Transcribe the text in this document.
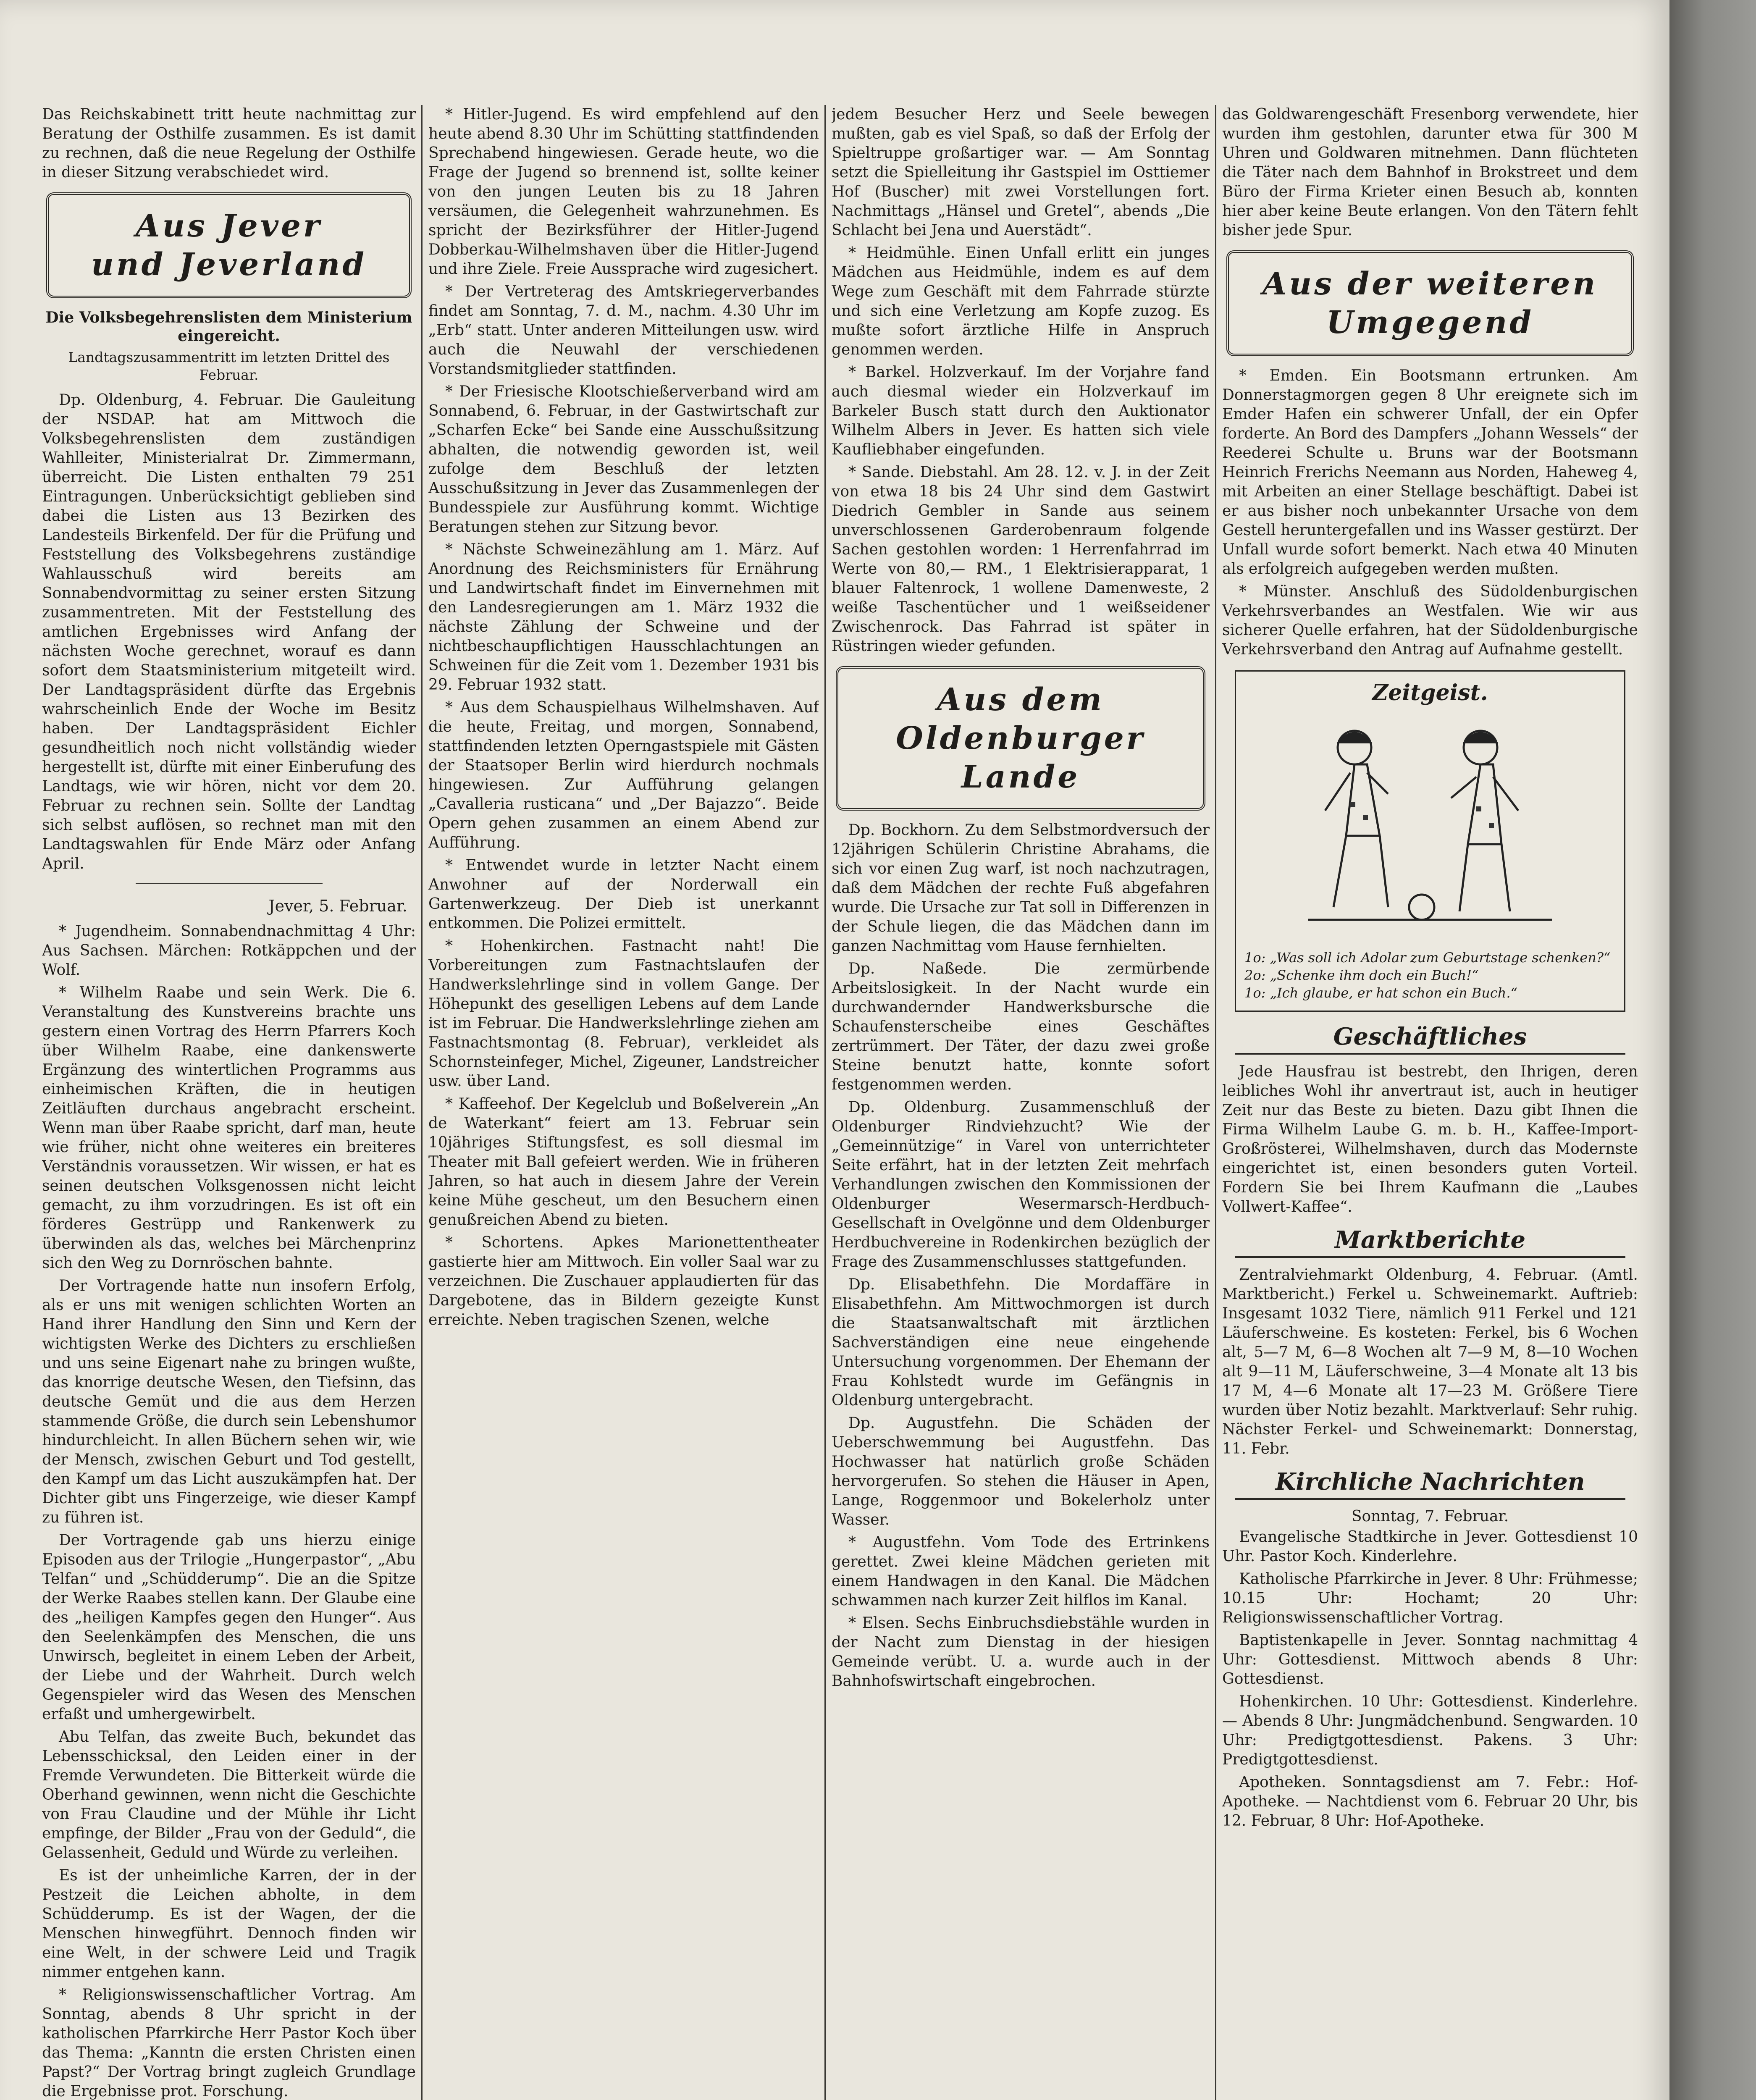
Das Reichskabinett tritt heute nachmittag zur Beratung der Osthilfe zusammen. Es ist damit zu rechnen, daß die neue Regelung der Osthilfe in dieser Sitzung verabschiedet wird.

Aus Jever
und Jeverland
Die Volksbegehrenslisten dem Ministerium eingereicht.
Landtagszusammentritt im letzten Drittel des Februar.

Dp. Oldenburg, 4. Februar. Die Gauleitung der NSDAP. hat am Mittwoch die Volksbegehrenslisten dem zuständigen Wahlleiter, Ministerialrat Dr. Zimmermann, überreicht. Die Listen enthalten 79 251 Eintragungen. Unberücksichtigt geblieben sind dabei die Listen aus 13 Bezirken des Landesteils Birkenfeld. Der für die Prüfung und Feststellung des Volksbegehrens zuständige Wahlausschuß wird bereits am Sonnabendvormittag zu seiner ersten Sitzung zusammentreten. Mit der Feststellung des amtlichen Ergebnisses wird Anfang der nächsten Woche gerechnet, worauf es dann sofort dem Staatsministerium mitgeteilt wird. Der Landtagspräsident dürfte das Ergebnis wahrscheinlich Ende der Woche im Besitz haben. Der Landtagspräsident Eichler gesundheitlich noch nicht vollständig wieder hergestellt ist, dürfte mit einer Einberufung des Landtags, wie wir hören, nicht vor dem 20. Februar zu rechnen sein. Sollte der Landtag sich selbst auflösen, so rechnet man mit den Landtagswahlen für Ende März oder Anfang April.

Jever, 5. Februar.

* Jugendheim. Sonnabendnachmittag 4 Uhr: Aus Sachsen. Märchen: Rotkäppchen und der Wolf.

* Wilhelm Raabe und sein Werk. Die 6. Veranstaltung des Kunstvereins brachte uns gestern einen Vortrag des Herrn Pfarrers Koch über Wilhelm Raabe, eine dankenswerte Ergänzung des wintertlichen Programms aus einheimischen Kräften, die in heutigen Zeitläuften durchaus angebracht erscheint. Wenn man über Raabe spricht, darf man, heute wie früher, nicht ohne weiteres ein breiteres Verständnis voraussetzen. Wir wissen, er hat es seinen deutschen Volksgenossen nicht leicht gemacht, zu ihm vorzudringen. Es ist oft ein förderes Gestrüpp und Rankenwerk zu überwinden als das, welches bei Märchenprinz sich den Weg zu Dornröschen bahnte.

Der Vortragende hatte nun insofern Erfolg, als er uns mit wenigen schlichten Worten an Hand ihrer Handlung den Sinn und Kern der wichtigsten Werke des Dichters zu erschließen und uns seine Eigenart nahe zu bringen wußte, das knorrige deutsche Wesen, den Tiefsinn, das deutsche Gemüt und die aus dem Herzen stammende Größe, die durch sein Lebenshumor hindurchleicht. In allen Büchern sehen wir, wie der Mensch, zwischen Geburt und Tod gestellt, den Kampf um das Licht auszukämpfen hat. Der Dichter gibt uns Fingerzeige, wie dieser Kampf zu führen ist.

Der Vortragende gab uns hierzu einige Episoden aus der Trilogie „Hungerpastor“, „Abu Telfan“ und „Schüdderump“. Die an die Spitze der Werke Raabes stellen kann. Der Glaube eine des „heiligen Kampfes gegen den Hunger“. Aus den Seelenkämpfen des Menschen, die uns Unwirsch, begleitet in einem Leben der Arbeit, der Liebe und der Wahrheit. Durch welch Gegenspieler wird das Wesen des Menschen erfaßt und umhergewirbelt.

Abu Telfan, das zweite Buch, bekundet das Lebensschicksal, den Leiden einer in der Fremde Verwundeten. Die Bitterkeit würde die Oberhand gewinnen, wenn nicht die Geschichte von Frau Claudine und der Mühle ihr Licht empfinge, der Bilder „Frau von der Geduld“, die Gelassenheit, Geduld und Würde zu verleihen.

Es ist der unheimliche Karren, der in der Pestzeit die Leichen abholte, in dem Schüdderump. Es ist der Wagen, der die Menschen hinwegführt. Dennoch finden wir eine Welt, in der schwere Leid und Tragik nimmer entgehen kann.

* Religionswissenschaftlicher Vortrag. Am Sonntag, abends 8 Uhr spricht in der katholischen Pfarrkirche Herr Pastor Koch über das Thema: „Kanntn die ersten Christen einen Papst?“ Der Vortrag bringt zugleich Grundlage die Ergebnisse prot. Forschung.

* Hitler-Jugend. Es wird empfehlend auf den heute abend 8.30 Uhr im Schütting stattfindenden Sprechabend hingewiesen. Gerade heute, wo die Frage der Jugend so brennend ist, sollte keiner von den jungen Leuten bis zu 18 Jahren versäumen, die Gelegenheit wahrzunehmen. Es spricht der Bezirksführer der Hitler-Jugend Dobberkau-Wilhelmshaven über die Hitler-Jugend und ihre Ziele. Freie Aussprache wird zugesichert.

* Der Vertreterag des Amtskriegerverbandes findet am Sonntag, 7. d. M., nachm. 4.30 Uhr im „Erb“ statt. Unter anderen Mitteilungen usw. wird auch die Neuwahl der verschiedenen Vorstandsmitglieder stattfinden.

* Der Friesische Klootschießerverband wird am Sonnabend, 6. Februar, in der Gastwirtschaft zur „Scharfen Ecke“ bei Sande eine Ausschußsitzung abhalten, die notwendig geworden ist, weil zufolge dem Beschluß der letzten Ausschußsitzung in Jever das Zusammenlegen der Bundesspiele zur Ausführung kommt. Wichtige Beratungen stehen zur Sitzung bevor.

* Nächste Schweinezählung am 1. März. Auf Anordnung des Reichsministers für Ernährung und Landwirtschaft findet im Einvernehmen mit den Landesregierungen am 1. März 1932 die nächste Zählung der Schweine und der nichtbeschaupflichtigen Hausschlachtungen an Schweinen für die Zeit vom 1. Dezember 1931 bis 29. Februar 1932 statt.

* Aus dem Schauspielhaus Wilhelmshaven. Auf die heute, Freitag, und morgen, Sonnabend, stattfindenden letzten Operngastspiele mit Gästen der Staatsoper Berlin wird hierdurch nochmals hingewiesen. Zur Aufführung gelangen „Cavalleria rusticana“ und „Der Bajazzo“. Beide Opern gehen zusammen an einem Abend zur Aufführung.

* Entwendet wurde in letzter Nacht einem Anwohner auf der Norderwall ein Gartenwerkzeug. Der Dieb ist unerkannt entkommen. Die Polizei ermittelt.

* Hohenkirchen. Fastnacht naht! Die Vorbereitungen zum Fastnachtslaufen der Handwerkslehrlinge sind in vollem Gange. Der Höhepunkt des geselligen Lebens auf dem Lande ist im Februar. Die Handwerkslehrlinge ziehen am Fastnachtsmontag (8. Februar), verkleidet als Schornsteinfeger, Michel, Zigeuner, Landstreicher usw. über Land.

* Kaffeehof. Der Kegelclub und Boßelverein „An de Waterkant“ feiert am 13. Februar sein 10jähriges Stiftungsfest, es soll diesmal im Theater mit Ball gefeiert werden. Wie in früheren Jahren, so hat auch in diesem Jahre der Verein keine Mühe gescheut, um den Besuchern einen genußreichen Abend zu bieten.

* Schortens. Apkes Marionettentheater gastierte hier am Mittwoch. Ein voller Saal war zu verzeichnen. Die Zuschauer applaudierten für das Dargebotene, das in Bildern gezeigte Kunst erreichte. Neben tragischen Szenen, welche

jedem Besucher Herz und Seele bewegen mußten, gab es viel Spaß, so daß der Erfolg der Spieltruppe großartiger war. — Am Sonntag setzt die Spielleitung ihr Gastspiel im Osttiemer Hof (Buscher) mit zwei Vorstellungen fort. Nachmittags „Hänsel und Gretel“, abends „Die Schlacht bei Jena und Auerstädt“.

* Heidmühle. Einen Unfall erlitt ein junges Mädchen aus Heidmühle, indem es auf dem Wege zum Geschäft mit dem Fahrrade stürzte und sich eine Verletzung am Kopfe zuzog. Es mußte sofort ärztliche Hilfe in Anspruch genommen werden.

* Barkel. Holzverkauf. Im der Vorjahre fand auch diesmal wieder ein Holzverkauf im Barkeler Busch statt durch den Auktionator Wilhelm Albers in Jever. Es hatten sich viele Kaufliebhaber eingefunden.

* Sande. Diebstahl. Am 28. 12. v. J. in der Zeit von etwa 18 bis 24 Uhr sind dem Gastwirt Diedrich Gembler in Sande aus seinem unverschlossenen Garderobenraum folgende Sachen gestohlen worden: 1 Herrenfahrrad im Werte von 80,— RM., 1 Elektrisierapparat, 1 blauer Faltenrock, 1 wollene Damenweste, 2 weiße Taschentücher und 1 weißseidener Zwischenrock. Das Fahrrad ist später in Rüstringen wieder gefunden.

Aus dem Oldenburger
Lande

Dp. Bockhorn. Zu dem Selbstmordversuch der 12jährigen Schülerin Christine Abrahams, die sich vor einen Zug warf, ist noch nachzutragen, daß dem Mädchen der rechte Fuß abgefahren wurde. Die Ursache zur Tat soll in Differenzen in der Schule liegen, die das Mädchen dann im ganzen Nachmittag vom Hause fernhielten.

Dp. Naßede. Die zermürbende Arbeitslosigkeit. In der Nacht wurde ein durchwandernder Handwerksbursche die Schaufensterscheibe eines Geschäftes zertrümmert. Der Täter, der dazu zwei große Steine benutzt hatte, konnte sofort festgenommen werden.

Dp. Oldenburg. Zusammenschluß der Oldenburger Rindviehzucht? Wie der „Gemeinnützige“ in Varel von unterrichteter Seite erfährt, hat in der letzten Zeit mehrfach Verhandlungen zwischen den Kommissionen der Oldenburger Wesermarsch-Herdbuch-Gesellschaft in Ovelgönne und dem Oldenburger Herdbuchvereine in Rodenkirchen bezüglich der Frage des Zusammenschlusses stattgefunden.

Dp. Elisabethfehn. Die Mordaffäre in Elisabethfehn. Am Mittwochmorgen ist durch die Staatsanwaltschaft mit ärztlichen Sachverständigen eine neue eingehende Untersuchung vorgenommen. Der Ehemann der Frau Kohlstedt wurde im Gefängnis in Oldenburg untergebracht.

Dp. Augustfehn. Die Schäden der Ueberschwemmung bei Augustfehn. Das Hochwasser hat natürlich große Schäden hervorgerufen. So stehen die Häuser in Apen, Lange, Roggenmoor und Bokelerholz unter Wasser.

* Augustfehn. Vom Tode des Ertrinkens gerettet. Zwei kleine Mädchen gerieten mit einem Handwagen in den Kanal. Die Mädchen schwammen nach kurzer Zeit hilflos im Kanal.

* Elsen. Sechs Einbruchsdiebstähle wurden in der Nacht zum Dienstag in der hiesigen Gemeinde verübt. U. a. wurde auch in der Bahnhofswirtschaft eingebrochen.

das Goldwarengeschäft Fresenborg verwendete, hier wurden ihm gestohlen, darunter etwa für 300 M Uhren und Goldwaren mitnehmen. Dann flüchteten die Täter nach dem Bahnhof in Brokstreet und dem Büro der Firma Krieter einen Besuch ab, konnten hier aber keine Beute erlangen. Von den Tätern fehlt bisher jede Spur.

Aus der weiteren
Umgegend

* Emden. Ein Bootsmann ertrunken. Am Donnerstagmorgen gegen 8 Uhr ereignete sich im Emder Hafen ein schwerer Unfall, der ein Opfer forderte. An Bord des Dampfers „Johann Wessels“ der Reederei Schulte u. Bruns war der Bootsmann Heinrich Frerichs Neemann aus Norden, Haheweg 4, mit Arbeiten an einer Stellage beschäftigt. Dabei ist er aus bisher noch unbekannter Ursache von dem Gestell heruntergefallen und ins Wasser gestürzt. Der Unfall wurde sofort bemerkt. Nach etwa 40 Minuten als erfolgreich aufgegeben werden mußten.

* Münster. Anschluß des Südoldenburgischen Verkehrsverbandes an Westfalen. Wie wir aus sicherer Quelle erfahren, hat der Südoldenburgische Verkehrsverband den Antrag auf Aufnahme gestellt.

Zeitgeist.
1o: „Was soll ich Adolar zum Geburtstage schenken?“
2o: „Schenke ihm doch ein Buch!“
1o: „Ich glaube, er hat schon ein Buch.“
Geschäftliches

Jede Hausfrau ist bestrebt, den Ihrigen, deren leibliches Wohl ihr anvertraut ist, auch in heutiger Zeit nur das Beste zu bieten. Dazu gibt Ihnen die Firma Wilhelm Laube G. m. b. H., Kaffee-Import-Großrösterei, Wilhelmshaven, durch das Modernste eingerichtet ist, einen besonders guten Vorteil. Fordern Sie bei Ihrem Kaufmann die „Laubes Vollwert-Kaffee“.

Marktberichte

Zentralviehmarkt Oldenburg, 4. Februar. (Amtl. Marktbericht.) Ferkel u. Schweinemarkt. Auftrieb: Insgesamt 1032 Tiere, nämlich 911 Ferkel und 121 Läuferschweine. Es kosteten: Ferkel, bis 6 Wochen alt, 5—7 M, 6—8 Wochen alt 7—9 M, 8—10 Wochen alt 9—11 M, Läuferschweine, 3—4 Monate alt 13 bis 17 M, 4—6 Monate alt 17—23 M. Größere Tiere wurden über Notiz bezahlt. Marktverlauf: Sehr ruhig. Nächster Ferkel- und Schweinemarkt: Donnerstag, 11. Febr.

Kirchliche Nachrichten
Sonntag, 7. Februar.

Evangelische Stadtkirche in Jever. Gottesdienst 10 Uhr. Pastor Koch. Kinderlehre.

Katholische Pfarrkirche in Jever. 8 Uhr: Frühmesse; 10.15 Uhr: Hochamt; 20 Uhr: Religionswissenschaftlicher Vortrag.

Baptistenkapelle in Jever. Sonntag nachmittag 4 Uhr: Gottesdienst. Mittwoch abends 8 Uhr: Gottesdienst.

Hohenkirchen. 10 Uhr: Gottesdienst. Kinderlehre. — Abends 8 Uhr: Jungmädchenbund. Sengwarden. 10 Uhr: Predigtgottesdienst. Pakens. 3 Uhr: Predigtgottesdienst.

Apotheken. Sonntagsdienst am 7. Febr.: Hof-Apotheke. — Nachtdienst vom 6. Februar 20 Uhr, bis 12. Februar, 8 Uhr: Hof-Apotheke.
